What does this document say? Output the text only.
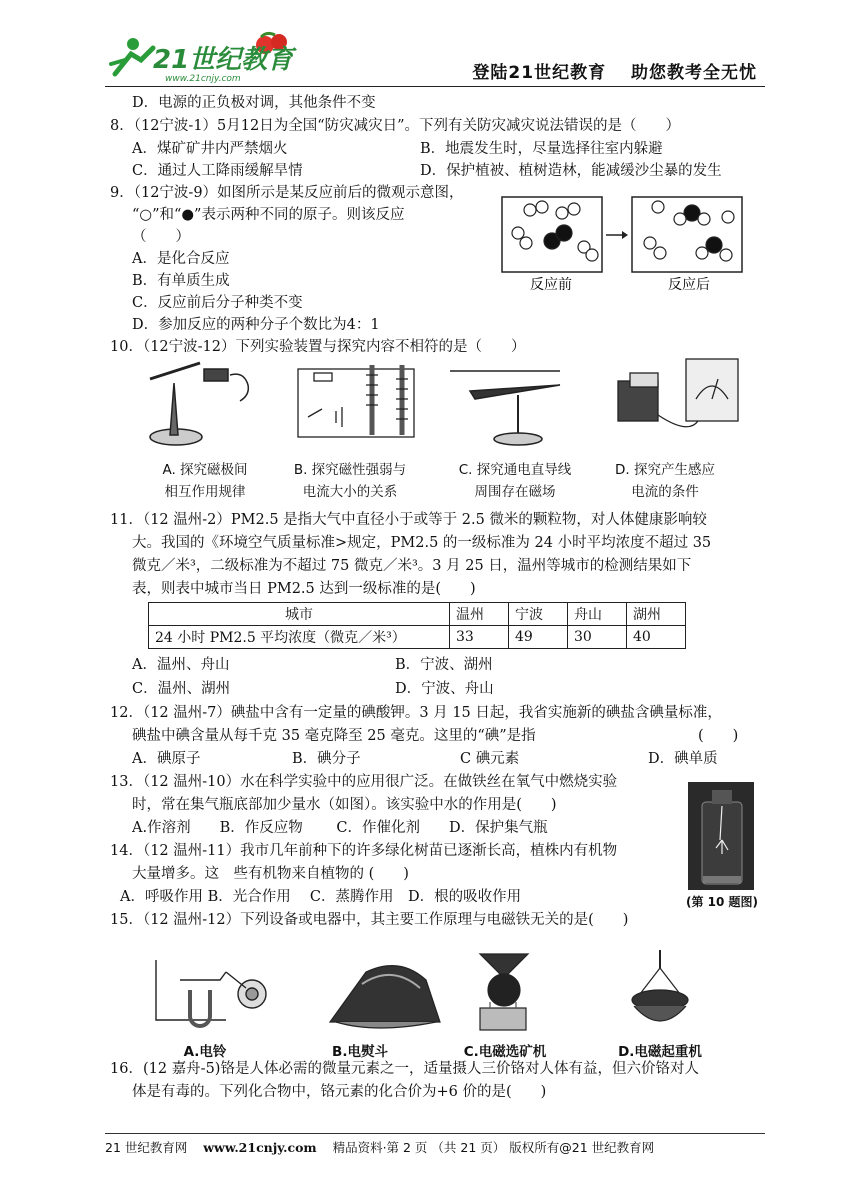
21世纪教育
www.21cnjy.com	登陆21世纪教育　 助您教考全无忧
D．电源的正负极对调，其他条件不变
8．（12宁波-1）5月12日为全国“防灾减灾日”。下列有关防灾减灾说法错误的是（　　）
A．煤矿矿井内严禁烟火	B．地震发生时，尽量选择往室内躲避
C．通过人工降雨缓解旱情	D．保护植被、植树造林，能减缓沙尘暴的发生
9．（12宁波-9）如图所示是某反应前后的微观示意图，
“○”和“●”表示两种不同的原子。则该反应
（　　）
A．是化合反应
B．有单质生成
C．反应前后分子种类不变
D．参加反应的两种分子个数比为4：1
10．（12宁波-12）下列实验装置与探究内容不相符的是（　　）
11．（12 温州-2）PM2.5 是指大气中直径小于或等于 2.5 微米的颗粒物，对人体健康影响较
大。我国的《环境空气质量标准>规定，PM2.5 的一级标准为 24 小时平均浓度不超过 35
微克／米³，二级标准为不超过 75 微克／米³。3 月 25 日，温州等城市的检测结果如下
表，则表中城市当日 PM2.5 达到一级标准的是(　　)
城市	温州	宁波	舟山	湖州
24 小时 PM2.5 平均浓度（微克／米³）	33	49	30	40
A．温州、舟山	B．宁波、湖州
C．温州、湖州	D．宁波、舟山
12．（12 温州-7）碘盐中含有一定量的碘酸钾。3 月 15 日起，我省实施新的碘盐含碘量标准，
碘盐中碘含量从每千克 35 毫克降至 25 毫克。这里的“碘”是指	(　　)
A．碘原子	B．碘分子	C 碘元素	D．碘单质
13．（12 温州-10）水在科学实验中的应用很广泛。在做铁丝在氧气中燃烧实验
时，常在集气瓶底部加少量水（如图）。该实验中水的作用是(　　)
A.作溶剂　　B．作反应物　　 C．作催化剂　　D．保护集气瓶
14．（12 温州-11）我市几年前种下的许多绿化树苗已逐渐长高，植株内有机物
大量增多。这　些有机物来自植物的 (　　)
A．呼吸作用 B．光合作用　 C．蒸腾作用　D．根的吸收作用
15．（12 温州-12）下列设备或电器中，其主要工作原理与电磁铁无关的是(　　)
16．(12 嘉舟-5)铬是人体必需的微量元素之一，适量摄人三价铬对人体有益，但六价铬对人
体是有毒的。下列化合物中，铬元素的化合价为+6 价的是(　　)
反应前	反应后
A. 探究磁极间
相互作用规律
B. 探究磁性强弱与
电流大小的关系
C. 探究通电直导线
周围存在磁场
D. 探究产生感应
电流的条件
(第 10 题图)
A.电铃	B.电熨斗	C.电磁选矿机	D.电磁起重机
21 世纪教育网 www.21cnjy.com 精品资料·第 2 页 （共 21 页） 版权所有@21 世纪教育网
